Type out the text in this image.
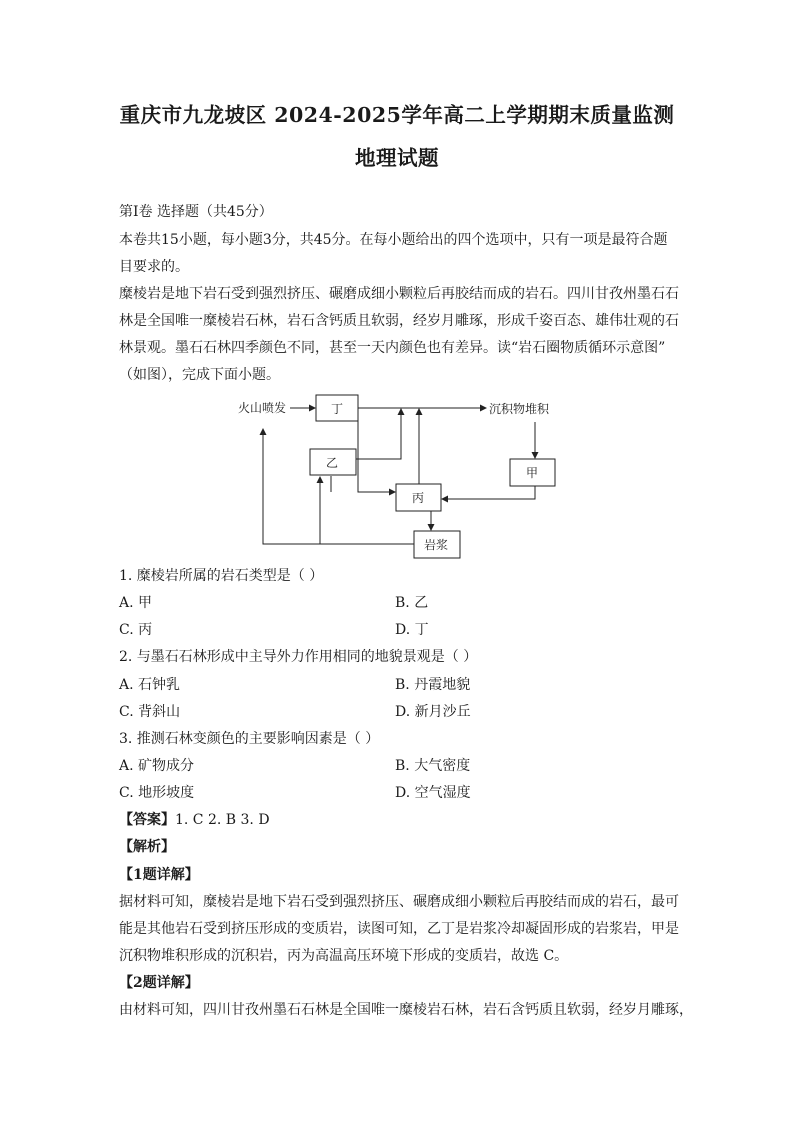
重庆市九龙坡区 2024-2025学年高二上学期期末质量监测
地理试题
第Ⅰ卷 选择题（共45分）
本卷共15小题，每小题3分，共45分。在每小题给出的四个选项中，只有一项是最符合题
目要求的。
糜棱岩是地下岩石受到强烈挤压、碾磨成细小颗粒后再胶结而成的岩石。四川甘孜州墨石石
林是全国唯一糜棱岩石林，岩石含钙质且软弱，经岁月雕琢，形成千姿百态、雄伟壮观的石
林景观。墨石石林四季颜色不同，甚至一天内颜色也有差异。读“岩石圈物质循环示意图”
（如图），完成下面小题。
火山喷发	丁	沉积物堆积
乙
甲
丙
岩浆
1. 糜棱岩所属的岩石类型是（ ）
A. 甲	B. 乙
C. 丙	D. 丁
2. 与墨石石林形成中主导外力作用相同的地貌景观是（ ）
A. 石钟乳	B. 丹霞地貌
C. 背斜山	D. 新月沙丘
3. 推测石林变颜色的主要影响因素是（ ）
A. 矿物成分	B. 大气密度
C. 地形坡度	D. 空气湿度
【答案】1. C 2. B 3. D
【解析】
【1题详解】
据材料可知，糜棱岩是地下岩石受到强烈挤压、碾磨成细小颗粒后再胶结而成的岩石，最可
能是其他岩石受到挤压形成的变质岩，读图可知，乙丁是岩浆冷却凝固形成的岩浆岩，甲是
沉积物堆积形成的沉积岩，丙为高温高压环境下形成的变质岩，故选 C。
【2题详解】
由材料可知，四川甘孜州墨石石林是全国唯一糜棱岩石林，岩石含钙质且软弱，经岁月雕琢，
